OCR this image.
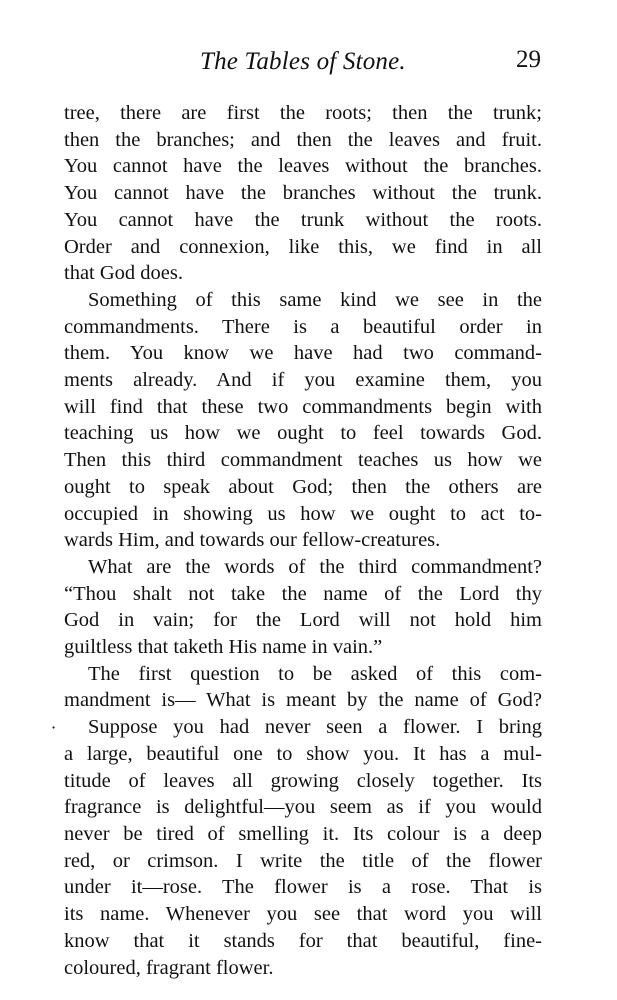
The Tables of Stone.	29
·
tree, there are first the roots; then the trunk;
then the branches; and then the leaves and fruit.
You cannot have the leaves without the branches.
You cannot have the branches without the trunk.
You cannot have the trunk without the roots.
Order and connexion, like this, we find in all
that God does.
Something of this same kind we see in the
commandments. There is a beautiful order in
them. You know we have had two command-
ments already. And if you examine them, you
will find that these two commandments begin with
teaching us how we ought to feel towards God.
Then this third commandment teaches us how we
ought to speak about God; then the others are
occupied in showing us how we ought to act to-
wards Him, and towards our fellow-creatures.
What are the words of the third commandment?
“Thou shalt not take the name of the Lord thy
God in vain; for the Lord will not hold him
guiltless that taketh His name in vain.”
The first question to be asked of this com-
mandment is— What is meant by the name of God?
Suppose you had never seen a flower. I bring
a large, beautiful one to show you. It has a mul-
titude of leaves all growing closely together. Its
fragrance is delightful—you seem as if you would
never be tired of smelling it. Its colour is a deep
red, or crimson. I write the title of the flower
under it—rose. The flower is a rose. That is
its name. Whenever you see that word you will
know that it stands for that beautiful, fine-
coloured, fragrant flower.
